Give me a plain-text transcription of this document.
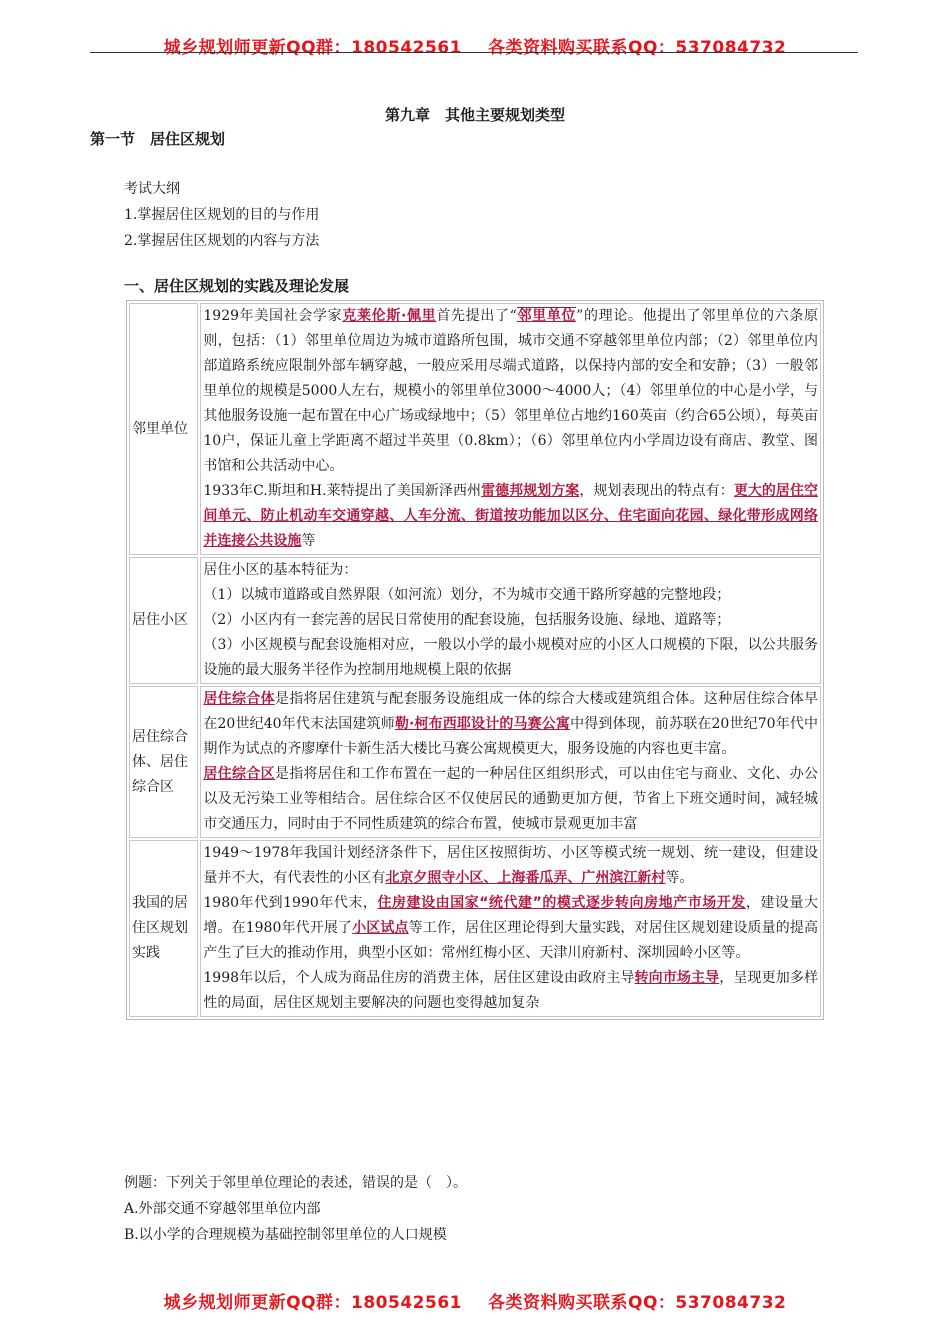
城乡规划师更新QQ群：180542561 各类资料购买联系QQ：537084732
第九章　其他主要规划类型
第一节　居住区规划
考试大纲
1.掌握居住区规划的目的与作用
2.掌握居住区规划的内容与方法
一、居住区规划的实践及理论发展
邻里单位	1929年美国社会学家克莱伦斯·佩里首先提出了“邻里单位”的理论。他提出了邻里单位的六条原则，包括：（1）邻里单位周边为城市道路所包围，城市交通不穿越邻里单位内部；（2）邻里单位内部道路系统应限制外部车辆穿越，一般应采用尽端式道路，以保持内部的安全和安静；（3）一般邻里单位的规模是5000人左右，规模小的邻里单位3000～4000人；（4）邻里单位的中心是小学，与其他服务设施一起布置在中心广场或绿地中；（5）邻里单位占地约160英亩（约合65公顷），每英亩10户，保证儿童上学距离不超过半英里（0.8km）；（6）邻里单位内小学周边设有商店、教堂、图书馆和公共活动中心。
1933年C.斯坦和H.莱特提出了美国新泽西州雷德邦规划方案，规划表现出的特点有：更大的居住空间单元、防止机动车交通穿越、人车分流、街道按功能加以区分、住宅面向花园、绿化带形成网络并连接公共设施等

居住小区	居住小区的基本特征为：
（1）以城市道路或自然界限（如河流）划分，不为城市交通干路所穿越的完整地段；
（2）小区内有一套完善的居民日常使用的配套设施，包括服务设施、绿地、道路等；
（3）小区规模与配套设施相对应，一般以小学的最小规模对应的小区人口规模的下限，以公共服务设施的最大服务半径作为控制用地规模上限的依据

居住综合体、居住综合区	居住综合体是指将居住建筑与配套服务设施组成一体的综合大楼或建筑组合体。这种居住综合体早在20世纪40年代末法国建筑师勒·柯布西耶设计的马赛公寓中得到体现，前苏联在20世纪70年代中期作为试点的齐廖摩什卡新生活大楼比马赛公寓规模更大，服务设施的内容也更丰富。
居住综合区是指将居住和工作布置在一起的一种居住区组织形式，可以由住宅与商业、文化、办公以及无污染工业等相结合。居住综合区不仅使居民的通勤更加方便，节省上下班交通时间，减轻城市交通压力，同时由于不同性质建筑的综合布置，使城市景观更加丰富

我国的居住区规划实践	1949～1978年我国计划经济条件下，居住区按照街坊、小区等模式统一规划、统一建设，但建设量并不大，有代表性的小区有北京夕照寺小区、上海番瓜弄、广州滨江新村等。
1980年代到1990年代末，住房建设由国家“统代建”的模式逐步转向房地产市场开发，建设量大增。在1980年代开展了小区试点等工作，居住区理论得到大量实践，对居住区规划建设质量的提高产生了巨大的推动作用，典型小区如：常州红梅小区、天津川府新村、深圳园岭小区等。
1998年以后，个人成为商品住房的消费主体，居住区建设由政府主导转向市场主导，呈现更加多样性的局面，居住区规划主要解决的问题也变得越加复杂
例题：下列关于邻里单位理论的表述，错误的是（　）。
A.外部交通不穿越邻里单位内部
B.以小学的合理规模为基础控制邻里单位的人口规模
城乡规划师更新QQ群：180542561 各类资料购买联系QQ：537084732
